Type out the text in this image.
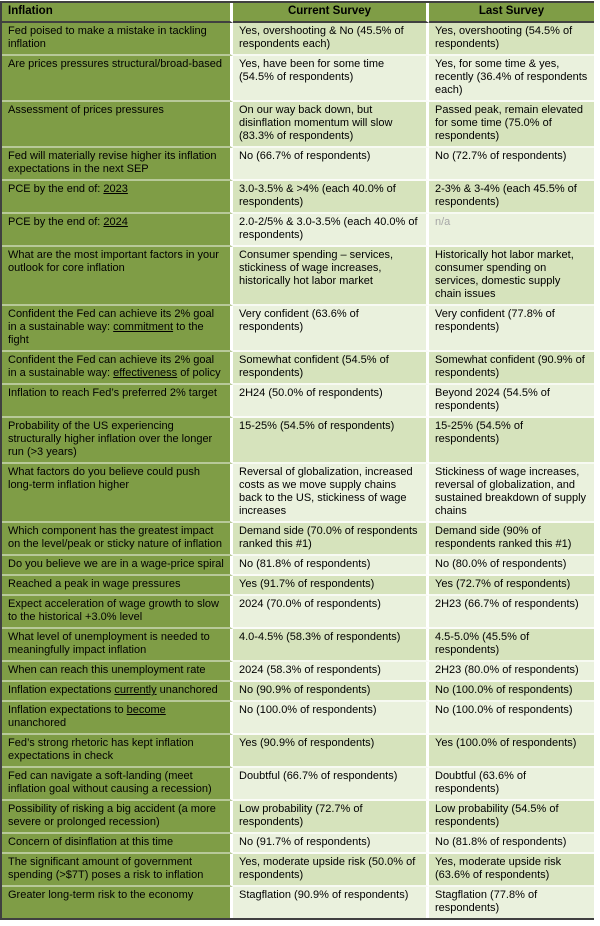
Inflation	Current Survey	Last Survey
Fed poised to make a mistake in tackling inflation	Yes, overshooting & No (45.5% of respondents each)	Yes, overshooting (54.5% of respondents)
Are prices pressures structural/broad-based	Yes, have been for some time (54.5% of respondents)	Yes, for some time & yes, recently (36.4% of respondents each)
Assessment of prices pressures	On our way back down, but disinflation momentum will slow (83.3% of respondents)	Passed peak, remain elevated for some time (75.0% of respondents)
Fed will materially revise higher its inflation expectations in the next SEP	No (66.7% of respondents)	No (72.7% of respondents)
PCE by the end of: 2023	3.0-3.5% & >4% (each 40.0% of respondents)	2-3% & 3-4% (each 45.5% of respondents)
PCE by the end of: 2024	2.0-2/5% & 3.0-3.5% (each 40.0% of respondents)	n/a
What are the most important factors in your outlook for core inflation	Consumer spending – services, stickiness of wage increases, historically hot labor market	Historically hot labor market, consumer spending on services, domestic supply chain issues
Confident the Fed can achieve its 2% goal in a sustainable way: commitment to the fight	Very confident (63.6% of respondents)	Very confident (77.8% of respondents)
Confident the Fed can achieve its 2% goal in a sustainable way: effectiveness of policy	Somewhat confident (54.5% of respondents)	Somewhat confident (90.9% of respondents)
Inflation to reach Fed’s preferred 2% target	2H24 (50.0% of respondents)	Beyond 2024 (54.5% of respondents)
Probability of the US experiencing structurally higher inflation over the longer run (>3 years)	15-25% (54.5% of respondents)	15-25% (54.5% of respondents)
What factors do you believe could push long-term inflation higher	Reversal of globalization, increased costs as we move supply chains back to the US, stickiness of wage increases	Stickiness of wage increases, reversal of globalization, and sustained breakdown of supply chains
Which component has the greatest impact on the level/peak or sticky nature of inflation	Demand side (70.0% of respondents ranked this #1)	Demand side (90% of respondents ranked this #1)
Do you believe we are in a wage-price spiral	No (81.8% of respondents)	No (80.0% of respondents)
Reached a peak in wage pressures	Yes (91.7% of respondents)	Yes (72.7% of respondents)
Expect acceleration of wage growth to slow to the historical +3.0% level	2024 (70.0% of respondents)	2H23 (66.7% of respondents)
What level of unemployment is needed to meaningfully impact inflation	4.0-4.5% (58.3% of respondents)	4.5-5.0% (45.5% of respondents)
When can reach this unemployment rate	2024 (58.3% of respondents)	2H23 (80.0% of respondents)
Inflation expectations currently unanchored	No (90.9% of respondents)	No (100.0% of respondents)
Inflation expectations to become unanchored	No (100.0% of respondents)	No (100.0% of respondents)
Fed’s strong rhetoric has kept inflation expectations in check	Yes (90.9% of respondents)	Yes (100.0% of respondents)
Fed can navigate a soft-landing (meet inflation goal without causing a recession)	Doubtful (66.7% of respondents)	Doubtful (63.6% of respondents)
Possibility of risking a big accident (a more severe or prolonged recession)	Low probability (72.7% of respondents)	Low probability (54.5% of respondents)
Concern of disinflation at this time	No (91.7% of respondents)	No (81.8% of respondents)
The significant amount of government spending (>$7T) poses a risk to inflation	Yes, moderate upside risk (50.0% of respondents)	Yes, moderate upside risk (63.6% of respondents)
Greater long-term risk to the economy	Stagflation (90.9% of respondents)	Stagflation (77.8% of respondents)
